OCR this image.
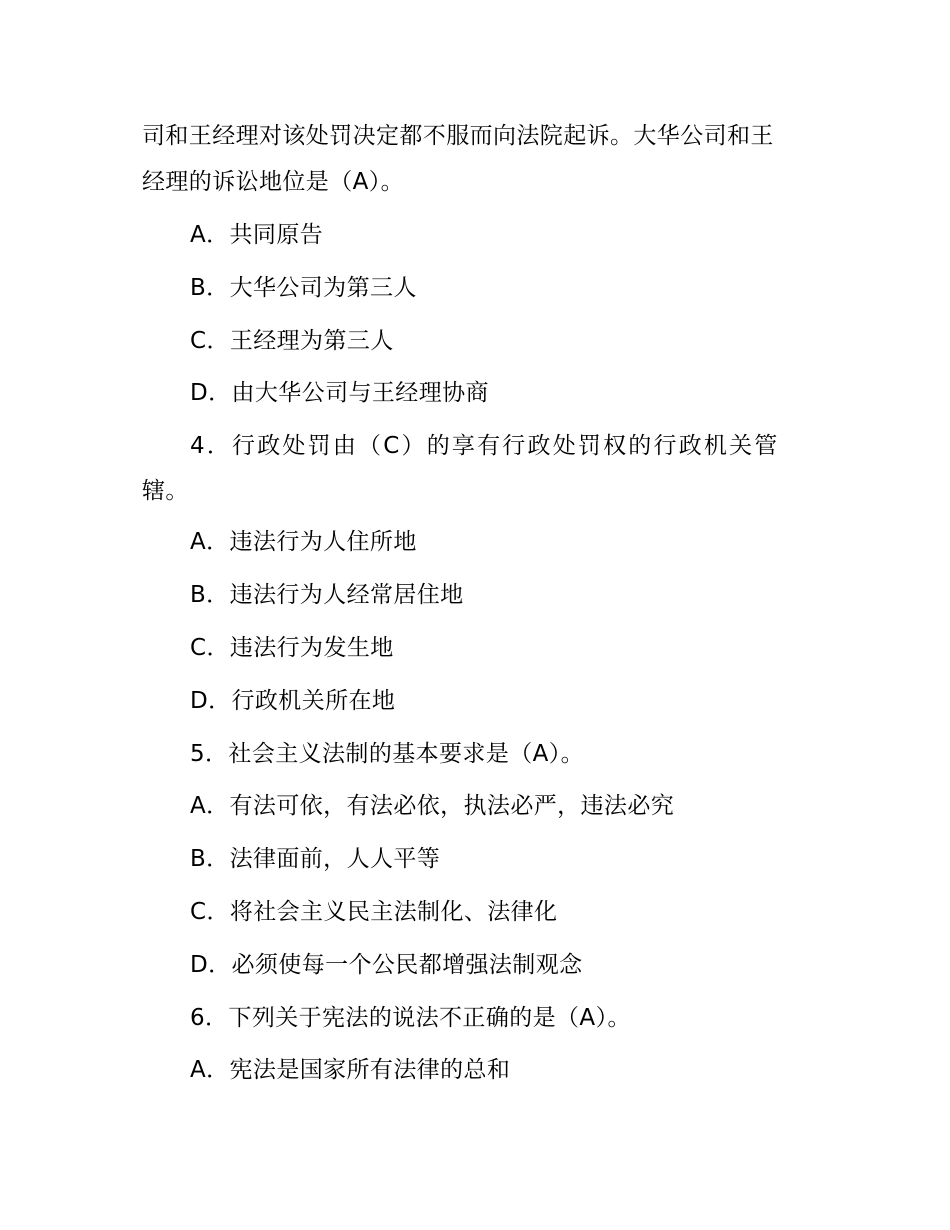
司和王经理对该处罚决定都不服而向法院起诉。大华公司和王
经理的诉讼地位是（A）。
A．共同原告
B．大华公司为第三人
C．王经理为第三人
D．由大华公司与王经理协商
4．行政处罚由（C）的享有行政处罚权的行政机关管
辖。
A．违法行为人住所地
B．违法行为人经常居住地
C．违法行为发生地
D．行政机关所在地
5．社会主义法制的基本要求是（A）。
A．有法可依，有法必依，执法必严，违法必究
B．法律面前，人人平等
C．将社会主义民主法制化、法律化
D．必须使每一个公民都增强法制观念
6．下列关于宪法的说法不正确的是（A）。
A．宪法是国家所有法律的总和
